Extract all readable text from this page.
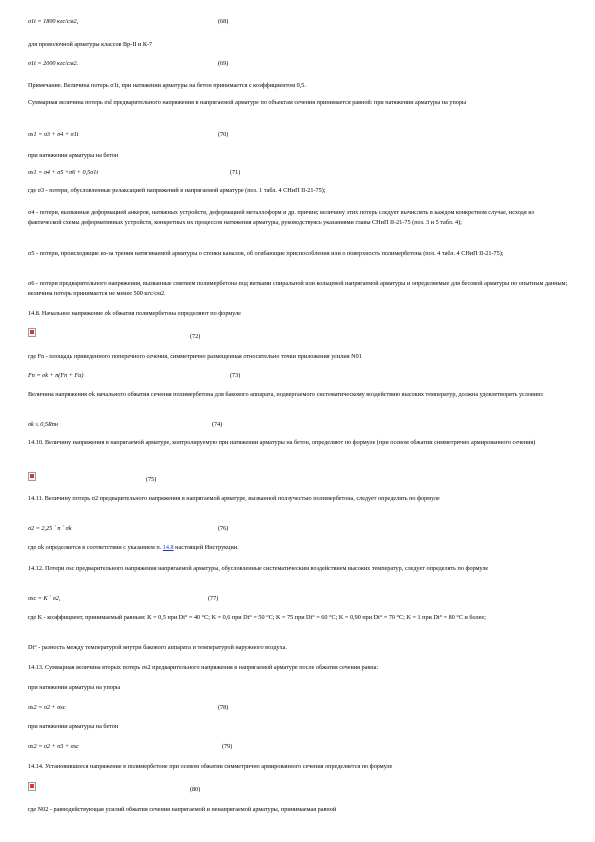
σ1t = 1800 кгс/см2,	(68)
для проволочной арматуры классов Вр-II и К-7
σ1t = 2000 кгс/см2.	(69)
Примечание. Величина потерь σ1t, при натяжении арматуры на бетон принимается с коэффициентом 0,5.
Суммарная величина потерь σsl предварительного напряжения в напрягаемой арматуре по объектам сечения принимается равной: при натяжении арматуры на упоры
σs1 = σ3 + σ4 + σ1t	(70)
при натяжении арматуры на бетон
σs1 = σ4 + σ5 +σ6 + 0,5σ1t	(71)
где σ3 - потери, обусловленные релаксацией напряжений в напрягаемой арматуре (поз. 1 табл. 4 СНиП II-21-75);
σ4 - потери, вызванные деформацией анкеров, натяжных устройств, деформацией металлоформ и др. причин; величину этих потерь следует вычислять в каждом конкретном случае, исходя из фактической схемы деформативных устройств, конкретных их процессов натяжения арматуры, руководствуясь указаниями главы СНиП II-21-75 (поз. 3 и 5 табл. 4);
σ5 - потери, происходящие из-за трения натягиваемой арматуры о стенки каналов, об огибающие приспособления или о поверхность полимербетона (поз. 4 табл. 4 СНиП II-21-75);
σ6 - потери предварительного напряжения, вызванные смятием полимербетона под витками спиральной или кольцевой напрягаемой арматуры и определяемые для бесовой арматуры по опытным данным; величина потерь принимается не менее 500 кгс/см2.
14.8. Начальное напряжение σk обжатия полимербетона определяют по формуле
(72)
где Fn - площадь приведенного поперечного сечения, симметрично размещенная относительно точки приложения усилия N01
Fn = σk + n(Fn + Fa)	(73)
Величина напряжения σk начального обжатия сечения полимербетона для бакового аппарата, подвергаемого систематическому воздействию высоких температур, должна удовлетворять условию:
σk ≤ 0,5Rпн	(74)
14.10. Величину напряжения в напрягаемой арматуре, контролируемую при натяжении арматуры на бетон, определяют по формуле (при осевом обжатии симметрично армированного сечения)
(75)
14.11. Величину потерь σ2 предварительного напряжения в напрягаемой арматуре, вызванной ползучестью полимербетона, следует определять по формуле
σ2 = 2,25 ´ n ´ σk	(76)
где σk определяется в соответствии с указанием п. 14.8 настоящей Инструкции.
14.12. Потери σsc предварительного напряжения напрягаемой арматуры, обусловленные систематическим воздействием высоких температур, следует определять по формуле
σsc = K ´ σ2,	(77)
где K - коэффициент, принимаемый равным: K = 0,5 при Dt° = 40 °С; K = 0,6 при Dt° = 50 °С; K = 75 при Dt° = 60 °С; K = 0,90 при Dt° = 70 °С; K = 1 при Dt° = 80 °С и более;
Dt° - разность между температурой внутри бакового аппарата и температурой наружного воздуха.
14.13. Суммарная величина вторых потерь σs2 предварительного напряжения в напрягаемой арматуре после обжатия сечения равна:
при натяжении арматуры на упоры
σs2 = σ2 + σsc	(78)
при натяжении арматуры на бетон
σs2 = σ2 + σ3 + σsc	(79)
14.14. Установившееся напряжение в полимербетоне при осевом обжатии симметрично армированного сечения определяется по формуле
(80)
где N02 - равнодействующая усилий обжатия сечения напрягаемой и ненапрягаемой арматуры, принимаемая равной
